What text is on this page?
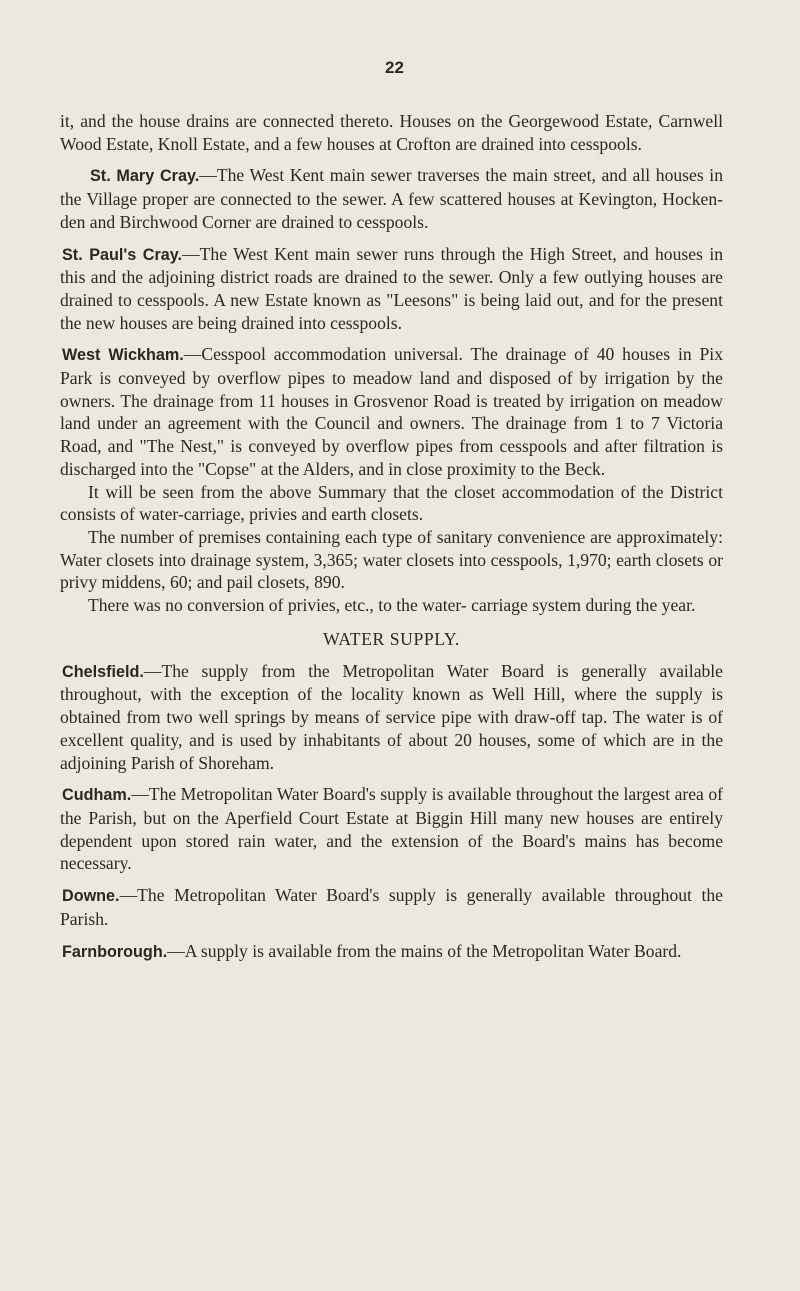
22

it, and the house drains are connected thereto. Houses on the Georgewood Estate, Carnwell Wood Estate, Knoll Estate, and a few houses at Crofton are drained into cesspools.

St. Mary Cray.—The West Kent main sewer traverses the main street, and all houses in the Village proper are connected to the sewer. A few scattered houses at Kevington, Hocken- den and Birchwood Corner are drained to cesspools.

St. Paul's Cray.—The West Kent main sewer runs through the High Street, and houses in this and the adjoining district roads are drained to the sewer. Only a few outlying houses are drained to cesspools. A new Estate known as "Leesons" is being laid out, and for the present the new houses are being drained into cesspools.

West Wickham.—Cesspool accommodation universal. The drainage of 40 houses in Pix Park is conveyed by overflow pipes to meadow land and disposed of by irrigation by the owners. The drainage from 11 houses in Grosvenor Road is treated by irrigation on meadow land under an agreement with the Council and owners. The drainage from 1 to 7 Victoria Road, and "The Nest," is conveyed by overflow pipes from cesspools and after filtration is discharged into the "Copse" at the Alders, and in close proximity to the Beck.

It will be seen from the above Summary that the closet accommodation of the District consists of water-carriage, privies and earth closets.

The number of premises containing each type of sanitary convenience are approximately: Water closets into drainage system, 3,365; water closets into cesspools, 1,970; earth closets or privy middens, 60; and pail closets, 890.

There was no conversion of privies, etc., to the water- carriage system during the year.

WATER SUPPLY.

Chelsfield.—The supply from the Metropolitan Water Board is generally available throughout, with the exception of the locality known as Well Hill, where the supply is obtained from two well springs by means of service pipe with draw-off tap. The water is of excellent quality, and is used by inhabitants of about 20 houses, some of which are in the adjoining Parish of Shoreham.

Cudham.—The Metropolitan Water Board's supply is available throughout the largest area of the Parish, but on the Aperfield Court Estate at Biggin Hill many new houses are entirely dependent upon stored rain water, and the extension of the Board's mains has become necessary.

Downe.—The Metropolitan Water Board's supply is generally available throughout the Parish.

Farnborough.—A supply is available from the mains of the Metropolitan Water Board.
